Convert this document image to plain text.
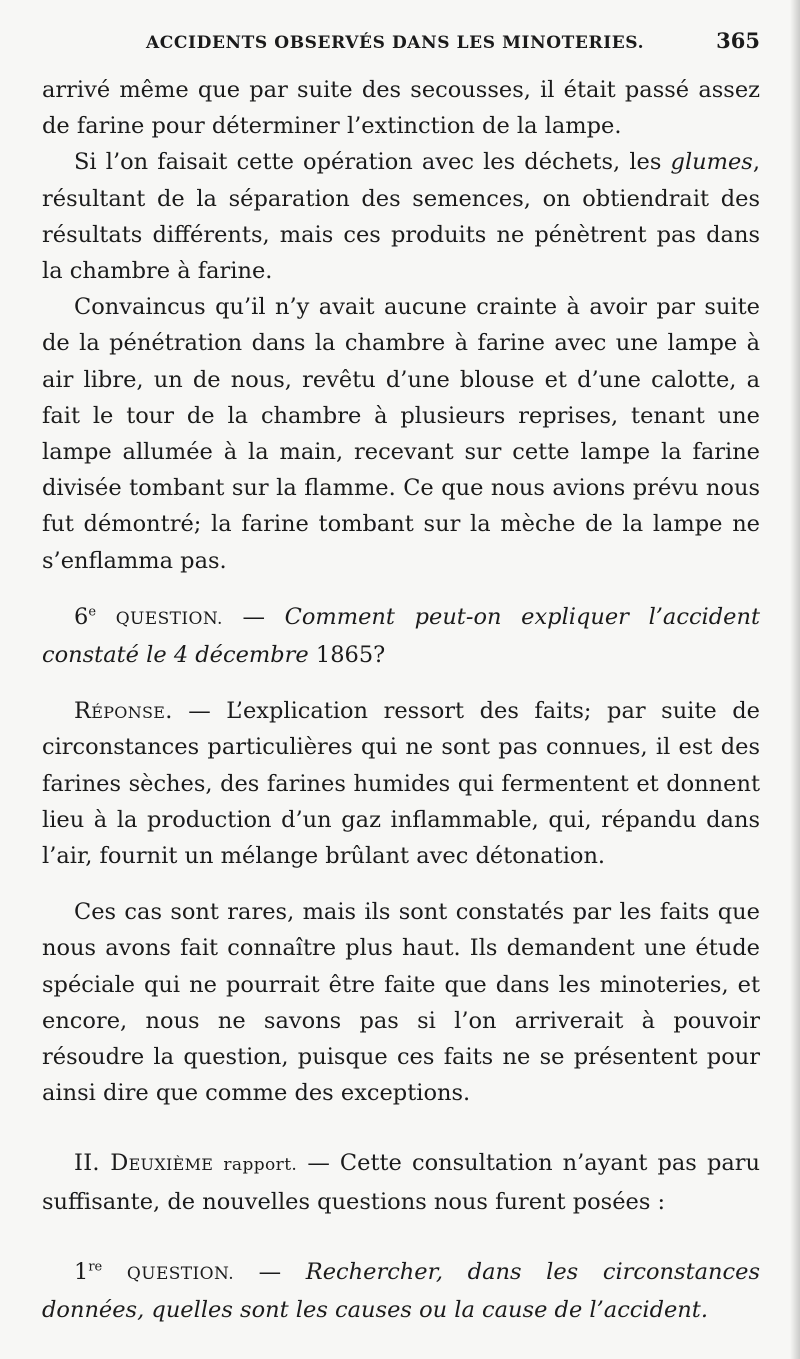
ACCIDENTS OBSERVÉS DANS LES MINOTERIES.	365

arrivé même que par suite des secousses, il était passé assez de farine pour déterminer l’extinction de la lampe.

Si l’on faisait cette opération avec les déchets, les glumes, résultant de la séparation des semences, on obtiendrait des résultats différents, mais ces produits ne pénètrent pas dans la chambre à farine.

Convaincus qu’il n’y avait aucune crainte à avoir par suite de la pénétration dans la chambre à farine avec une lampe à air libre, un de nous, revêtu d’une blouse et d’une calotte, a fait le tour de la chambre à plusieurs reprises, tenant une lampe allumée à la main, recevant sur cette lampe la farine divisée tombant sur la flamme. Ce que nous avions prévu nous fut démontré; la farine tombant sur la mèche de la lampe ne s’enflamma pas.

6e QUESTION. — Comment peut-on expliquer l’accident constaté le 4 décembre 1865?

Réponse. — L’explication ressort des faits; par suite de circonstances particulières qui ne sont pas connues, il est des farines sèches, des farines humides qui fermentent et donnent lieu à la production d’un gaz inflammable, qui, répandu dans l’air, fournit un mélange brûlant avec détonation.

Ces cas sont rares, mais ils sont constatés par les faits que nous avons fait connaître plus haut. Ils demandent une étude spéciale qui ne pourrait être faite que dans les minoteries, et encore, nous ne savons pas si l’on arriverait à pouvoir résoudre la question, puisque ces faits ne se présentent pour ainsi dire que comme des exceptions.

II. Deuxième rapport. — Cette consultation n’ayant pas paru suffisante, de nouvelles questions nous furent posées :

1re QUESTION. — Rechercher, dans les circonstances données, quelles sont les causes ou la cause de l’accident.
